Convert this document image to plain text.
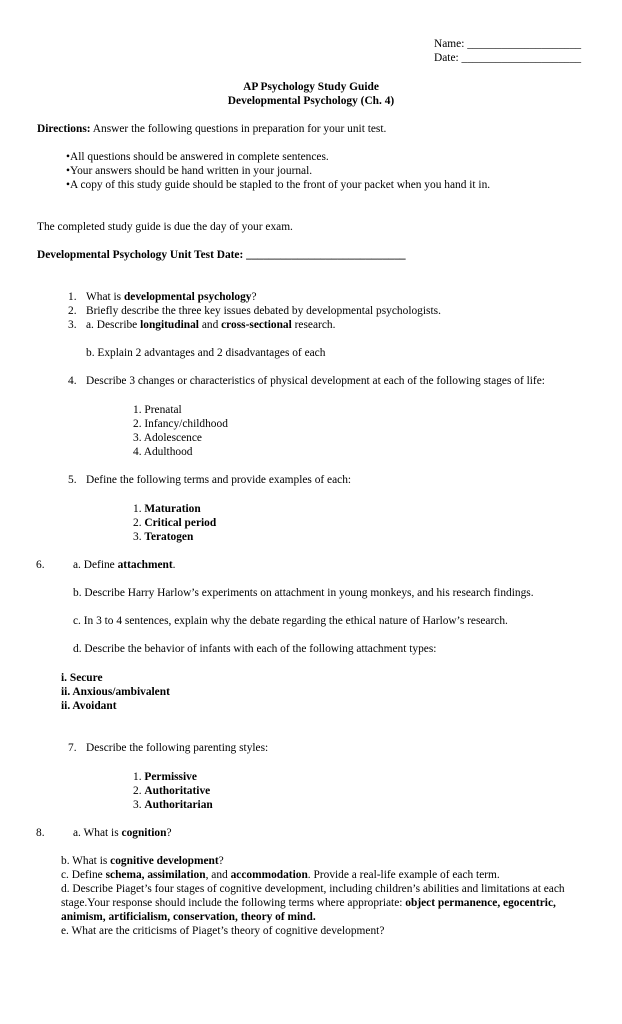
Name: ____________________
Date: _____________________
AP Psychology Study Guide
Developmental Psychology (Ch. 4)
Directions: Answer the following questions in preparation for your unit test.
•All questions should be answered in complete sentences.
•Your answers should be hand written in your journal.
•A copy of this study guide should be stapled to the front of your packet when you hand it in.
The completed study guide is due the day of your exam.
Developmental Psychology Unit Test Date: ____________________________
1. What is developmental psychology?
2. Briefly describe the three key issues debated by developmental psychologists.
3. a. Describe longitudinal and cross-sectional research.
b. Explain 2 advantages and 2 disadvantages of each
4. Describe 3 changes or characteristics of physical development at each of the following stages of life:
1. Prenatal
2. Infancy/childhood
3. Adolescence
4. Adulthood
5. Define the following terms and provide examples of each:
1. Maturation
2. Critical period
3. Teratogen
6. a. Define attachment.
b. Describe Harry Harlow’s experiments on attachment in young monkeys, and his research findings.
c. In 3 to 4 sentences, explain why the debate regarding the ethical nature of Harlow’s research.
d. Describe the behavior of infants with each of the following attachment types:
i. Secure
ii. Anxious/ambivalent
ii. Avoidant
7. Describe the following parenting styles:
1. Permissive
2. Authoritative
3. Authoritarian
8. a. What is cognition?
b. What is cognitive development?
c. Define schema, assimilation, and accommodation. Provide a real-life example of each term.
d. Describe Piaget’s four stages of cognitive development, including children’s abilities and limitations at each stage.Your response should include the following terms where appropriate: object permanence, egocentric, animism, artificialism, conservation, theory of mind.
e. What are the criticisms of Piaget’s theory of cognitive development?
